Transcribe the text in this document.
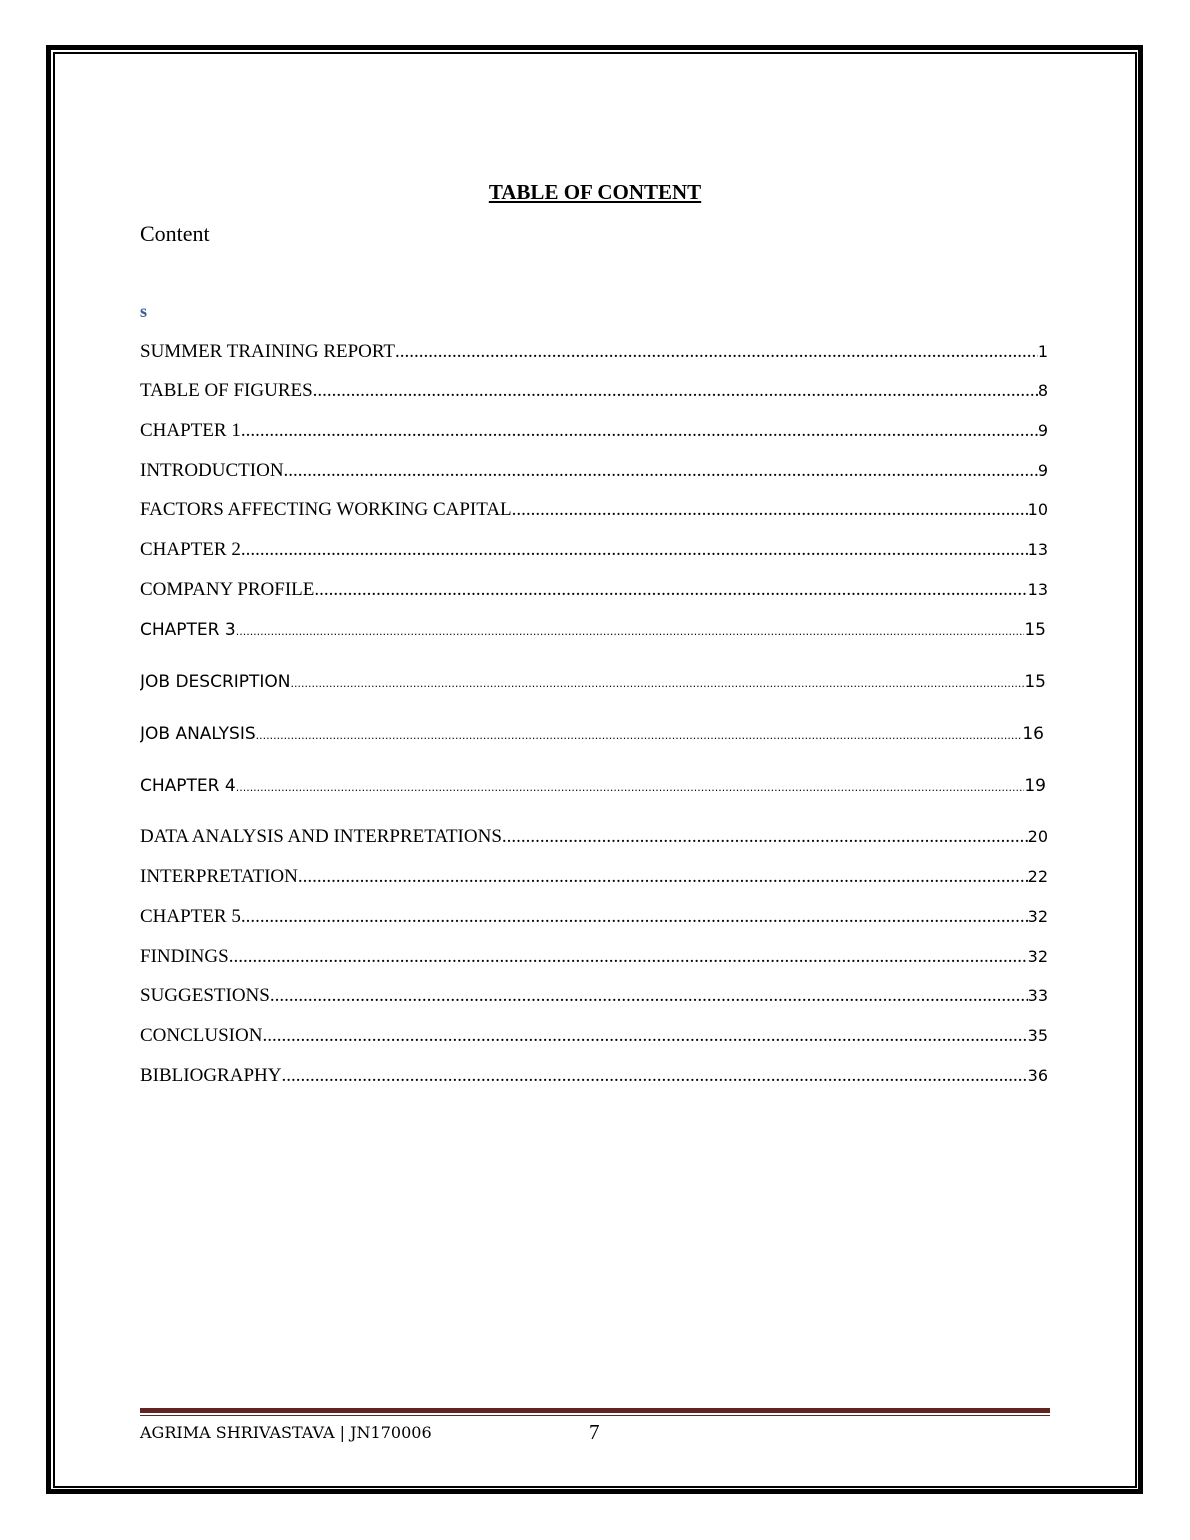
TABLE OF CONTENT
Content
s
SUMMER TRAINING REPORT .....	1
TABLE OF FIGURES .....	8
CHAPTER 1 .....	9
INTRODUCTION .....	9
FACTORS AFFECTING WORKING CAPITAL .....	10
CHAPTER 2 .....	13
COMPANY PROFILE .....	13
CHAPTER 3 .....	15
JOB DESCRIPTION .....	15
JOB ANALYSIS .....	16
CHAPTER 4 .....	19
DATA ANALYSIS AND INTERPRETATIONS .....	20
INTERPRETATION .....	22
CHAPTER 5 .....	32
FINDINGS .....	32
SUGGESTIONS .....	33
CONCLUSION .....	35
BIBLIOGRAPHY .....	36
AGRIMA SHRIVASTAVA | JN170006	7
